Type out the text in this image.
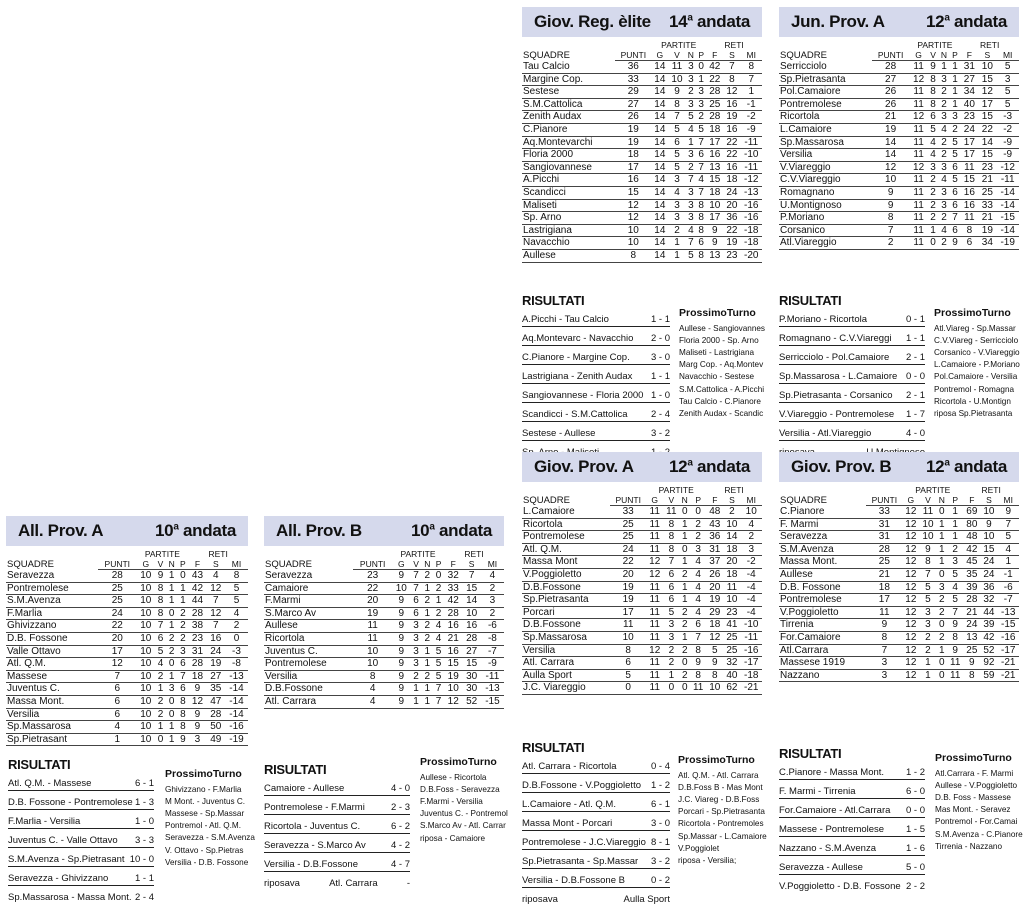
Giov. Reg. èlite 14$^a$ andata
SQUADRE		PARTITE				RETI		
	PUNTI	G	V	N	P	F	S	MI
Tau Calcio	36	14	11	3	0	42	7	8
Margine Cop.	33	14	10	3	1	22	8	7
Sestese	29	14	9	2	3	28	12	1
S.M.Cattolica	27	14	8	3	3	25	16	-1
Zenith Audax	26	14	7	5	2	28	19	-2
C.Pianore	19	14	5	4	5	18	16	-9
Aq.Montevarchi	19	14	6	1	7	17	22	-11
Floria 2000	18	14	5	3	6	16	22	-10
Sangiovannese	17	14	5	2	7	13	16	-11
A.Picchi	16	14	3	7	4	15	18	-12
Scandicci	15	14	4	3	7	18	24	-13
Maliseti	12	14	3	3	8	10	20	-16
Sp. Arno	12	14	3	3	8	17	36	-16
Lastrigiana	10	14	2	4	8	9	22	-18
Navacchio	10	14	1	7	6	9	19	-18
Aullese	8	14	1	5	8	13	23	-20
RISULTATI
A.Picchi - Tau Calcio	1 - 1
Aq.Montevarc - Navacchio 2 - 0
C.Pianore - Margine Cop. 3 - 0
Lastrigiana - Zenith Audax 1 - 1
Sangiovannese - Floria 2000 1 - 0
Scandicci - S.M.Cattolica 2 - 4
Sestese - Aullese	3 - 2
ProssimoTurno
Aullese - Sangiovannes
Floria 2000 - Sp. Arno
Maliseti - Lastrigiana
Marg Cop. - Aq.Montev
Navacchio - Sestese
S.M.Cattolica - A.Picchi
Tau Calcio - C.Pianore
Zenith Audax - Scandic
Jun. Prov. A 12$^a$ andata
SQUADRE		PARTITE				RETI		
	PUNTI	G	V	N	P	F	S	MI
Serricciolo	28	11	9	1	1	31	10	5
Sp.Pietrasanta	27	12	8	3	1	27	15	3
Pol.Camaiore	26	11	8	2	1	34	12	5
Pontremolese	26	11	8	2	1	40	17	5
Ricortola	21	12	6	3	3	23	15	-3
L.Camaiore	19	11	5	4	2	24	22	-2
Sp.Massarosa	14	11	4	2	5	17	14	-9
Versilia	14	11	4	2	5	17	15	-9
V.Viareggio	12	12	3	3	6	11	23	-12
C.V.Viareggio	10	11	2	4	5	15	21	-11
Romagnano	9	11	2	3	6	16	25	-14
U.Montignoso	9	11	2	3	6	16	33	-14
P.Moriano	8	11	2	2	7	11	21	-15
Corsanico	7	11	1	4	6	8	19	-14
Atl.Viareggio	2	11	0	2	9	6	34	-19
RISULTATI
P.Moriano - Ricortola	0 - 1
Romagnano - C.V.Viareggi 1 - 1
Serricciolo - Pol.Camaiore 2 - 1
Sp.Massarosa - L.Camaiore 0 - 0
Sp.Pietrasanta - Corsanico 2 - 1
V.Viareggio - Pontremolese 1 - 7
Versilia - Atl.Viareggio	4 - 0
ProssimoTurno
Atl.Viareg - Sp.Massar
C.V.Viareg - Serricciolo
Corsanico - V.Viareggio
L.Camaiore - P.Moriano
Pol.Camaiore - Versilia
Pontremol - Romagna
Ricortola - U.Montign
riposa Sp.Pietrasanta
Giov. Prov. A 12$^a$ andata
SQUADRE		PARTITE				RETI		
	PUNTI	G	V	N	P	F	S	MI
L.Camaiore	33	11	11	0	0	48	2	10
Ricortola	25	11	8	1	2	43	10	4
Pontremolese	25	11	8	1	2	36	14	2
Atl. Q.M.	24	11	8	0	3	31	18	3
Massa Mont	22	12	7	1	4	37	20	-2
V.Poggioletto	20	12	6	2	4	26	18	-4
D.B.Fossone	19	11	6	1	4	20	11	-4
Sp.Pietrasanta	19	11	6	1	4	19	10	-4
Porcari	17	11	5	2	4	29	23	-4
D.B.Fossone	11	11	3	2	6	18	41	-10
Sp.Massarosa	10	11	3	1	7	12	25	-11
Versilia	8	12	2	2	8	5	25	-16
Atl. Carrara	6	11	2	0	9	9	32	-17
Aulla Sport	5	11	1	2	8	8	40	-18
J.C. Viareggio	0	11	0	0	11	10	62	-21
RISULTATI
Atl. Carrara - Ricortola	0 - 4
D.B.Fossone - V.Poggioletto 1 - 2
L.Camaiore - Atl. Q.M.	6 - 1
Massa Mont - Porcari	3 - 0
Pontremolese - J.C.Viareggio 8 - 1
Sp.Pietrasanta - Sp.Massar 3 - 2
Versilia - D.B.Fossone B	0 - 2
riposava	Aulla Sport
ProssimoTurno
Atl. Q.M. - Atl. Carrara
D.B.Foss B - Mas Mont
J.C. Viareg - D.B.Foss
Porcari - Sp.Pietrasanta
Ricortola - Pontremoles
Sp.Massar - L.Camaiore
V.Poggiolet
riposa - Versilia;
Giov. Prov. B 12$^a$ andata
SQUADRE		PARTITE				RETI		
	PUNTI	G	V	N	P	F	S	MI
C.Pianore	33	12	11	0	1	69	10	9
F. Marmi	31	12	10	1	1	80	9	7
Seravezza	31	12	10	1	1	48	10	5
S.M.Avenza	28	12	9	1	2	42	15	4
Massa Mont.	25	12	8	1	3	45	24	1
Aullese	21	12	7	0	5	35	24	-1
D.B. Fossone	18	12	5	3	4	39	36	-6
Pontremolese	17	12	5	2	5	28	32	-7
V.Poggioletto	11	12	3	2	7	21	44	-13
Tirrenia	9	12	3	0	9	24	39	-15
For.Camaiore	8	12	2	2	8	13	42	-16
Atl.Carrara	7	12	2	1	9	25	52	-17
Massese 1919	3	12	1	0	11	9	92	-21
Nazzano	3	12	1	0	11	8	59	-21
RISULTATI
C.Pianore - Massa Mont. 1 - 2
F. Marmi - Tirrenia	6 - 0
For.Camaiore - Atl.Carrara 0 - 0
Massese - Pontremolese 1 - 5
Nazzano - S.M.Avenza	1 - 6
Seravezza - Aullese	5 - 0
V.Poggioletto - D.B. Fossone 2 - 2
ProssimoTurno
Atl.Carrara - F. Marmi
Aullese - V.Poggioletto
D.B. Foss - Massese
Mas Mont. - Seravez
Pontremol - For.Camai
S.M.Avenza - C.Pianore
Tirrenia - Nazzano
All. Prov. A	10$^a$ andata
SQUADRE		PARTITE				RETI		
	PUNTI	G	V	N	P	F	S	MI
Seravezza	28	10	9	1	0	43	4	8
Pontremolese	25	10	8	1	1	42	12	5
S.M.Avenza	25	10	8	1	1	44	7	5
F.Marlia	24	10	8	0	2	28	12	4
Ghivizzano	22	10	7	1	2	38	7	2
D.B. Fossone	20	10	6	2	2	23	16	0
Valle Ottavo	17	10	5	2	3	31	24	-3
Atl. Q.M.	12	10	4	0	6	28	19	-8
Massese	7	10	2	1	7	18	27	-13
Juventus C.	6	10	1	3	6	9	35	-14
Massa Mont.	6	10	2	0	8	12	47	-14
Versilia	6	10	2	0	8	9	28	-14
Sp.Massarosa	4	10	1	1	8	9	50	-16
Sp.Pietrasant	1	10	0	1	9	3	49	-19
RISULTATI
Atl. Q.M. - Massese	6 - 1
D.B. Fossone - Pontremolese 1 - 3
F.Marlia - Versilia	1 - 0
Juventus C. - Valle Ottavo 3 - 3
S.M.Avenza - Sp.Pietrasant 10 - 0
Seravezza - Ghivizzano	1 - 1
Sp.Massarosa - Massa Mont. 2 - 4
ProssimoTurno
Ghivizzano - F.Marlia
M Mont. - Juventus C.
Massese - Sp.Massar
Pontremol - Atl. Q.M.
Seravezza - S.M.Avenza
V. Ottavo - Sp.Pietras
Versilia - D.B. Fossone
All. Prov. B	10$^a$ andata
SQUADRE		PARTITE				RETI		
	PUNTI	G	V	N	P	F	S	MI
Seravezza	23	9	7	2	0	32	7	4
Camaiore	22	10	7	1	2	33	15	2
F.Marmi	20	9	6	2	1	42	14	3
S.Marco Av	19	9	6	1	2	28	10	2
Aullese	11	9	3	2	4	16	16	-6
Ricortola	11	9	3	2	4	21	28	-8
Juventus C.	10	9	3	1	5	16	27	-7
Pontremolese	10	9	3	1	5	15	15	-9
Versilia	8	9	2	2	5	19	30	-11
D.B.Fossone	4	9	1	1	7	10	30	-13
Atl. Carrara	4	9	1	1	7	12	52	-15
RISULTATI
Camaiore - Aullese	4 - 0
Pontremolese - F.Marmi	2 - 3
Ricortola - Juventus C.	6 - 2
Seravezza - S.Marco Av	4 - 2
Versilia - D.B.Fossone	4 - 7
riposava	Atl. Carrara	-
ProssimoTurno
Aullese - Ricortola
D.B.Foss - Seravezza
F.Marmi - Versilia
Juventus C. - Pontremol
S.Marco Av - Atl. Carrar
riposa - Camaiore
